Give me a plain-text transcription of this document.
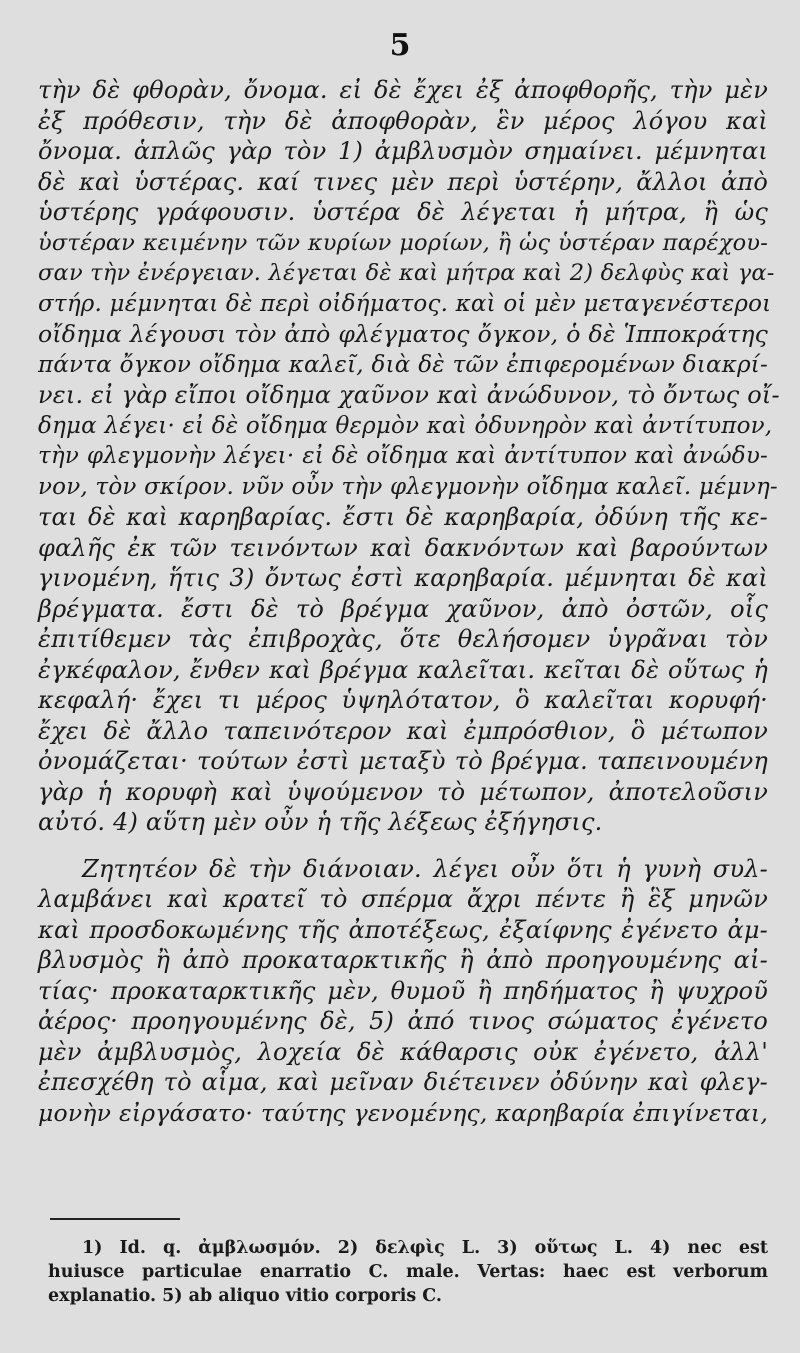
5
τὴν δὲ φθορὰν, ὄνομα. εἰ δὲ ἔχει ἐξ ἀποφθορῆς, τὴν μὲν
ἐξ πρόθεσιν, τὴν δὲ ἀποφθορὰν, ἓν μέρος λόγου καὶ
ὄνομα. ἁπλῶς γὰρ τὸν 1) ἀμβλυσμὸν σημαίνει. μέμνηται
δὲ καὶ ὑστέρας. καί τινες μὲν περὶ ὑστέρην, ἄλλοι ἀπὸ
ὑστέρης γράφουσιν. ὑστέρα δὲ λέγεται ἡ μήτρα, ἢ ὡς
ὑστέραν κειμένην τῶν κυρίων μορίων, ἢ ὡς ὑστέραν παρέχου-
σαν τὴν ἐνέργειαν. λέγεται δὲ καὶ μήτρα καὶ 2) δελφὺς καὶ γα-
στήρ. μέμνηται δὲ περὶ οἰδήματος. καὶ οἱ μὲν μεταγενέστεροι
οἴδημα λέγουσι τὸν ἀπὸ φλέγματος ὄγκον, ὁ δὲ Ἱπποκράτης
πάντα ὄγκον οἴδημα καλεῖ, διὰ δὲ τῶν ἐπιφερομένων διακρί-
νει. εἰ γὰρ εἴποι οἴδημα χαῦνον καὶ ἀνώδυνον, τὸ ὄντως οἴ-
δημα λέγει· εἰ δὲ οἴδημα θερμὸν καὶ ὀδυνηρὸν καὶ ἀντίτυπον,
τὴν φλεγμονὴν λέγει· εἰ δὲ οἴδημα καὶ ἀντίτυπον καὶ ἀνώδυ-
νον, τὸν σκίρον. νῦν οὖν τὴν φλεγμονὴν οἴδημα καλεῖ. μέμνη-
ται δὲ καὶ καρηβαρίας. ἔστι δὲ καρηβαρία, ὀδύνη τῆς κε-
φαλῆς ἐκ τῶν τεινόντων καὶ δακνόντων καὶ βαρούντων
γινομένη, ἥτις 3) ὄντως ἐστὶ καρηβαρία. μέμνηται δὲ καὶ
βρέγματα. ἔστι δὲ τὸ βρέγμα χαῦνον, ἀπὸ ὀστῶν, οἷς
ἐπιτίθεμεν τὰς ἐπιβροχὰς, ὅτε θελήσομεν ὑγρᾶναι τὸν
ἐγκέφαλον, ἔνθεν καὶ βρέγμα καλεῖται. κεῖται δὲ οὕτως ἡ
κεφαλή· ἔχει τι μέρος ὑψηλότατον, ὃ καλεῖται κορυφή·
ἔχει δὲ ἄλλο ταπεινότερον καὶ ἐμπρόσθιον, ὃ μέτωπον
ὀνομάζεται· τούτων ἐστὶ μεταξὺ τὸ βρέγμα. ταπεινουμένη
γὰρ ἡ κορυφὴ καὶ ὑψούμενον τὸ μέτωπον, ἀποτελοῦσιν
αὐτό. 4) αὕτη μὲν οὖν ἡ τῆς λέξεως ἐξήγησις.
Ζητητέον δὲ τὴν διάνοιαν. λέγει οὖν ὅτι ἡ γυνὴ συλ-
λαμβάνει καὶ κρατεῖ τὸ σπέρμα ἄχρι πέντε ἢ ἓξ μηνῶν
καὶ προσδοκωμένης τῆς ἀποτέξεως, ἐξαίφνης ἐγένετο ἀμ-
βλυσμὸς ἢ ἀπὸ προκαταρκτικῆς ἢ ἀπὸ προηγουμένης αἰ-
τίας· προκαταρκτικῆς μὲν, θυμοῦ ἢ πηδήματος ἢ ψυχροῦ
ἀέρος· προηγουμένης δὲ, 5) ἀπό τινος σώματος ἐγένετο
μὲν ἀμβλυσμὸς, λοχεία δὲ κάθαρσις οὐκ ἐγένετο, ἀλλ'
ἐπεσχέθη τὸ αἷμα, καὶ μεῖναν διέτεινεν ὀδύνην καὶ φλεγ-
μονὴν εἰργάσατο· ταύτης γενομένης, καρηβαρία ἐπιγίνεται,
1) Id. q. ἀμβλωσμόν. 2) δελφὶς L. 3) οὕτως L. 4) nec est
huiusce particulae enarratio C. male. Vertas: haec est verborum
explanatio. 5) ab aliquo vitio corporis C.
